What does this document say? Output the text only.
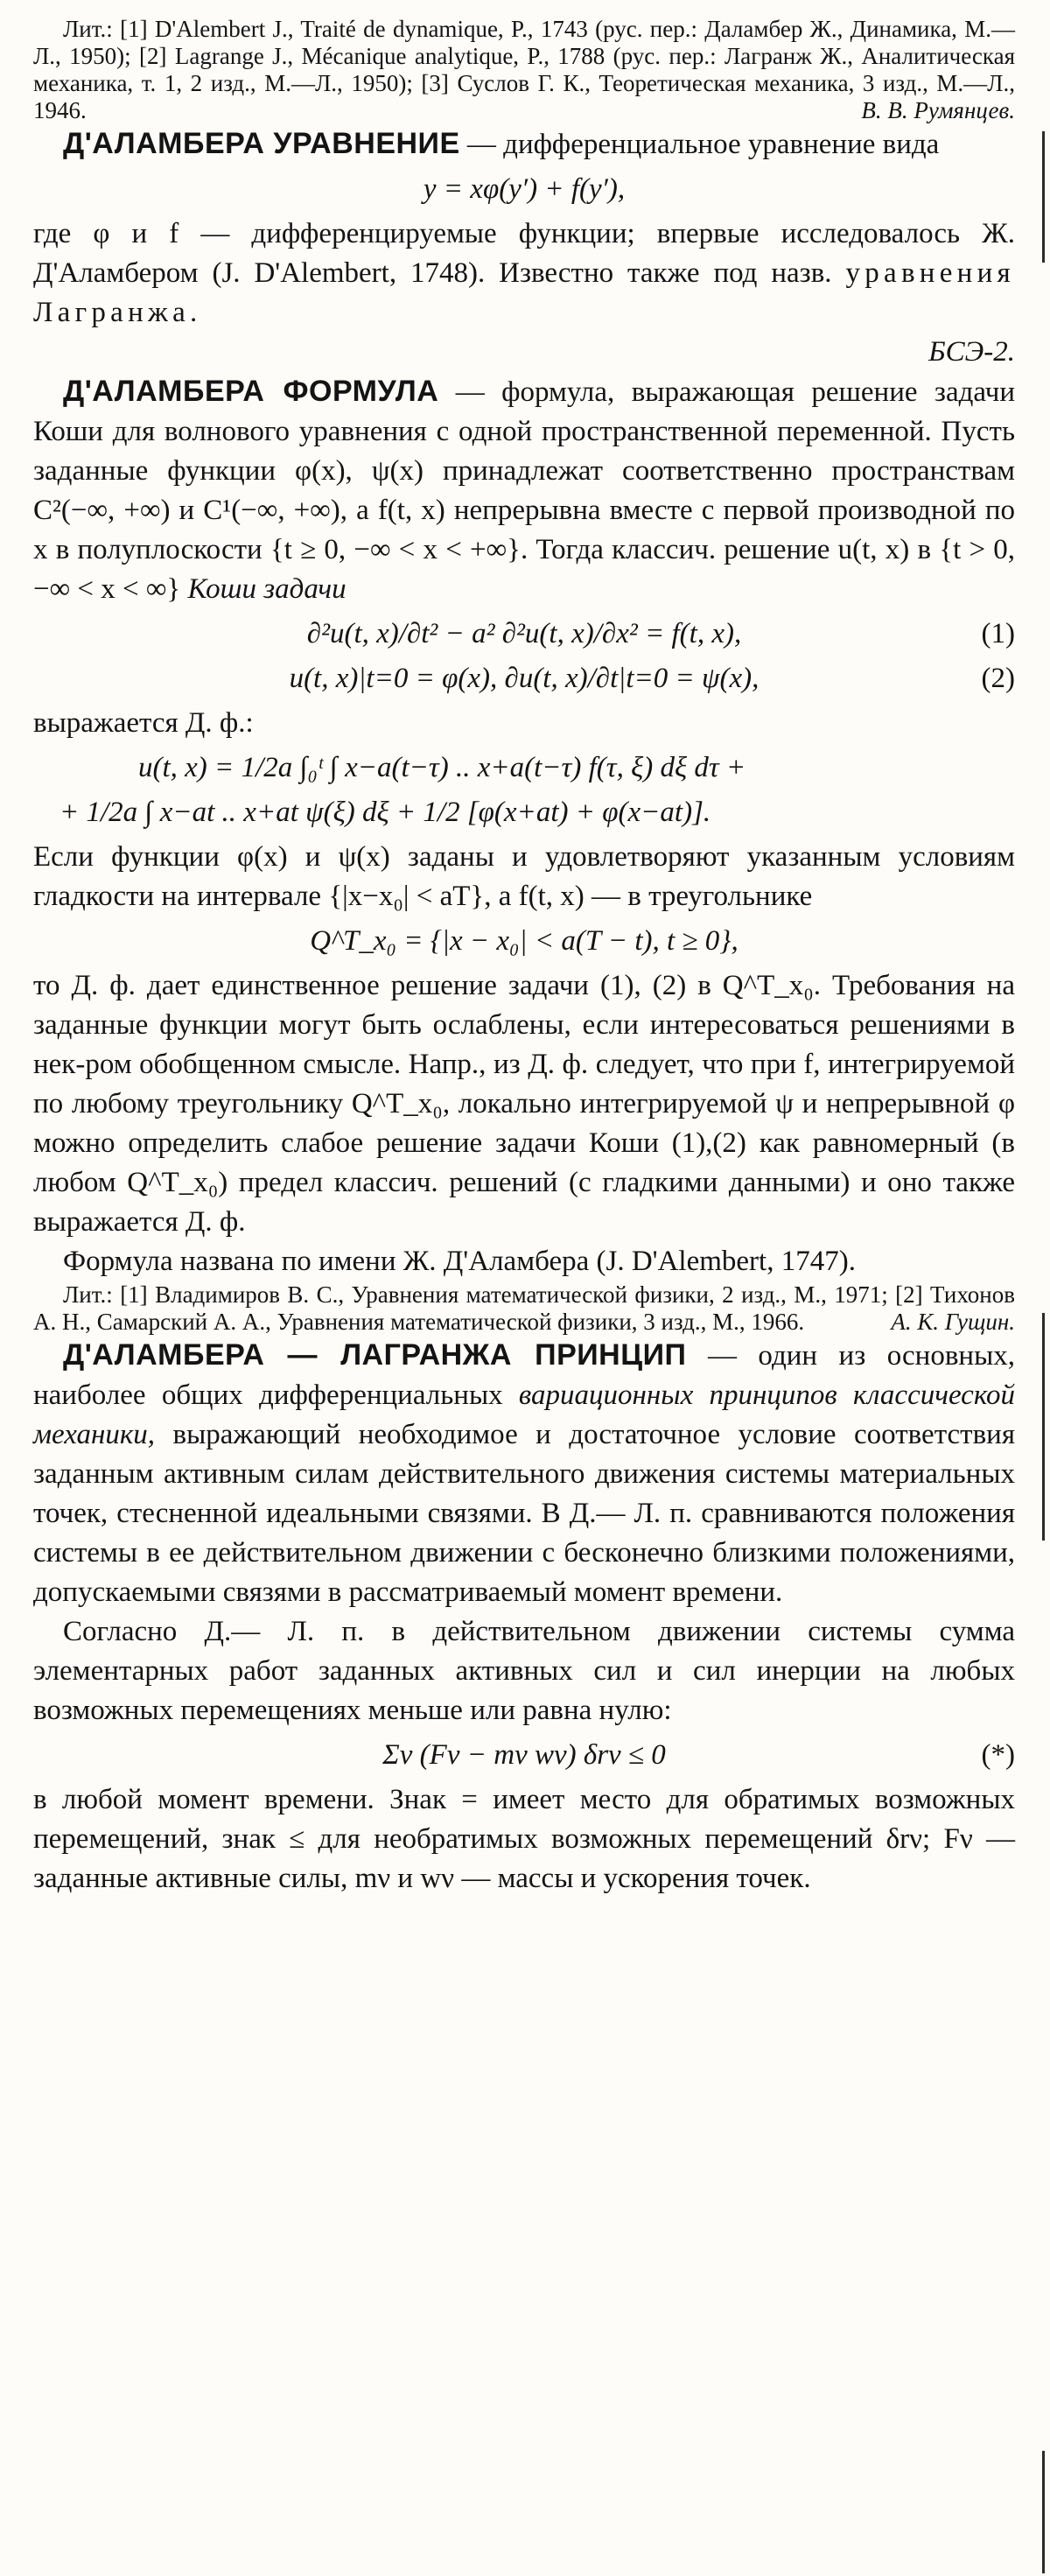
Лит.: [1] D'Alembert J., Traité de dynamique, P., 1743 (рус. пер.: Даламбер Ж., Динамика, М.—Л., 1950); [2] Lagrange J., Mécanique analytique, P., 1788 (рус. пер.: Лагранж Ж., Аналитическая механика, т. 1, 2 изд., М.—Л., 1950); [3] Суслов Г. К., Теоретическая механика, 3 изд., М.—Л., 1946.	В. В. Румянцев.

Д'АЛАМБЕРА УРАВНЕНИЕ — дифференциальное уравнение вида

y = xφ(y′) + f(y′),

где φ и f — дифференцируемые функции; впервые исследовалось Ж. Д'Аламбером (J. D'Alembert, 1748). Известно также под назв. уравнения Лагранжа.

БСЭ-2.

Д'АЛАМБЕРА ФОРМУЛА — формула, выражающая решение задачи Коши для волнового уравнения с одной пространственной переменной. Пусть заданные функции φ(x), ψ(x) принадлежат соответственно пространствам C²(−∞, +∞) и C¹(−∞, +∞), а f(t, x) непрерывна вместе с первой производной по x в полуплоскости {t ≥ 0, −∞ < x < +∞}. Тогда классич. решение u(t, x) в {t > 0, −∞ < x < ∞} Коши задачи

∂²u(t, x)/∂t² − a² ∂²u(t, x)/∂x² = f(t, x),	(1)
u(t, x)|t=0 = φ(x), ∂u(t, x)/∂t|t=0 = ψ(x),	(2)

выражается Д. ф.:

u(t, x) = 1/2a ∫₀ᵗ ∫ x−a(t−τ) .. x+a(t−τ) f(τ, ξ) dξ dτ +
+ 1/2a ∫ x−at .. x+at ψ(ξ) dξ + 1/2 [φ(x+at) + φ(x−at)].

Если функции φ(x) и ψ(x) заданы и удовлетворяют указанным условиям гладкости на интервале {|x−x₀| < aT}, а f(t, x) — в треугольнике

Q^T_x₀ = {|x − x₀| < a(T − t), t ≥ 0},

то Д. ф. дает единственное решение задачи (1), (2) в Q^T_x₀. Требования на заданные функции могут быть ослаблены, если интересоваться решениями в нек-ром обобщенном смысле. Напр., из Д. ф. следует, что при f, интегрируемой по любому треугольнику Q^T_x₀, локально интегрируемой ψ и непрерывной φ можно определить слабое решение задачи Коши (1),(2) как равномерный (в любом Q^T_x₀) предел классич. решений (с гладкими данными) и оно также выражается Д. ф.

Формула названа по имени Ж. Д'Аламбера (J. D'Alembert, 1747).

Лит.: [1] Владимиров В. С., Уравнения математической физики, 2 изд., М., 1971; [2] Тихонов А. Н., Самарский А. А., Уравнения математической физики, 3 изд., М., 1966.	А. К. Гущин.

Д'АЛАМБЕРА — ЛАГРАНЖА ПРИНЦИП — один из основных, наиболее общих дифференциальных вариационных принципов классической механики, выражающий необходимое и достаточное условие соответствия заданным активным силам действительного движения системы материальных точек, стесненной идеальными связями. В Д.— Л. п. сравниваются положения системы в ее действительном движении с бесконечно близкими положениями, допускаемыми связями в рассматриваемый момент времени.

Согласно Д.— Л. п. в действительном движении системы сумма элементарных работ заданных активных сил и сил инерции на любых возможных перемещениях меньше или равна нулю:

Σν (Fν − mν wν) δrν ≤ 0	(*)

в любой момент времени. Знак = имеет место для обратимых возможных перемещений, знак ≤ для необратимых возможных перемещений δrν; Fν — заданные активные силы, mν и wν — массы и ускорения точек.
